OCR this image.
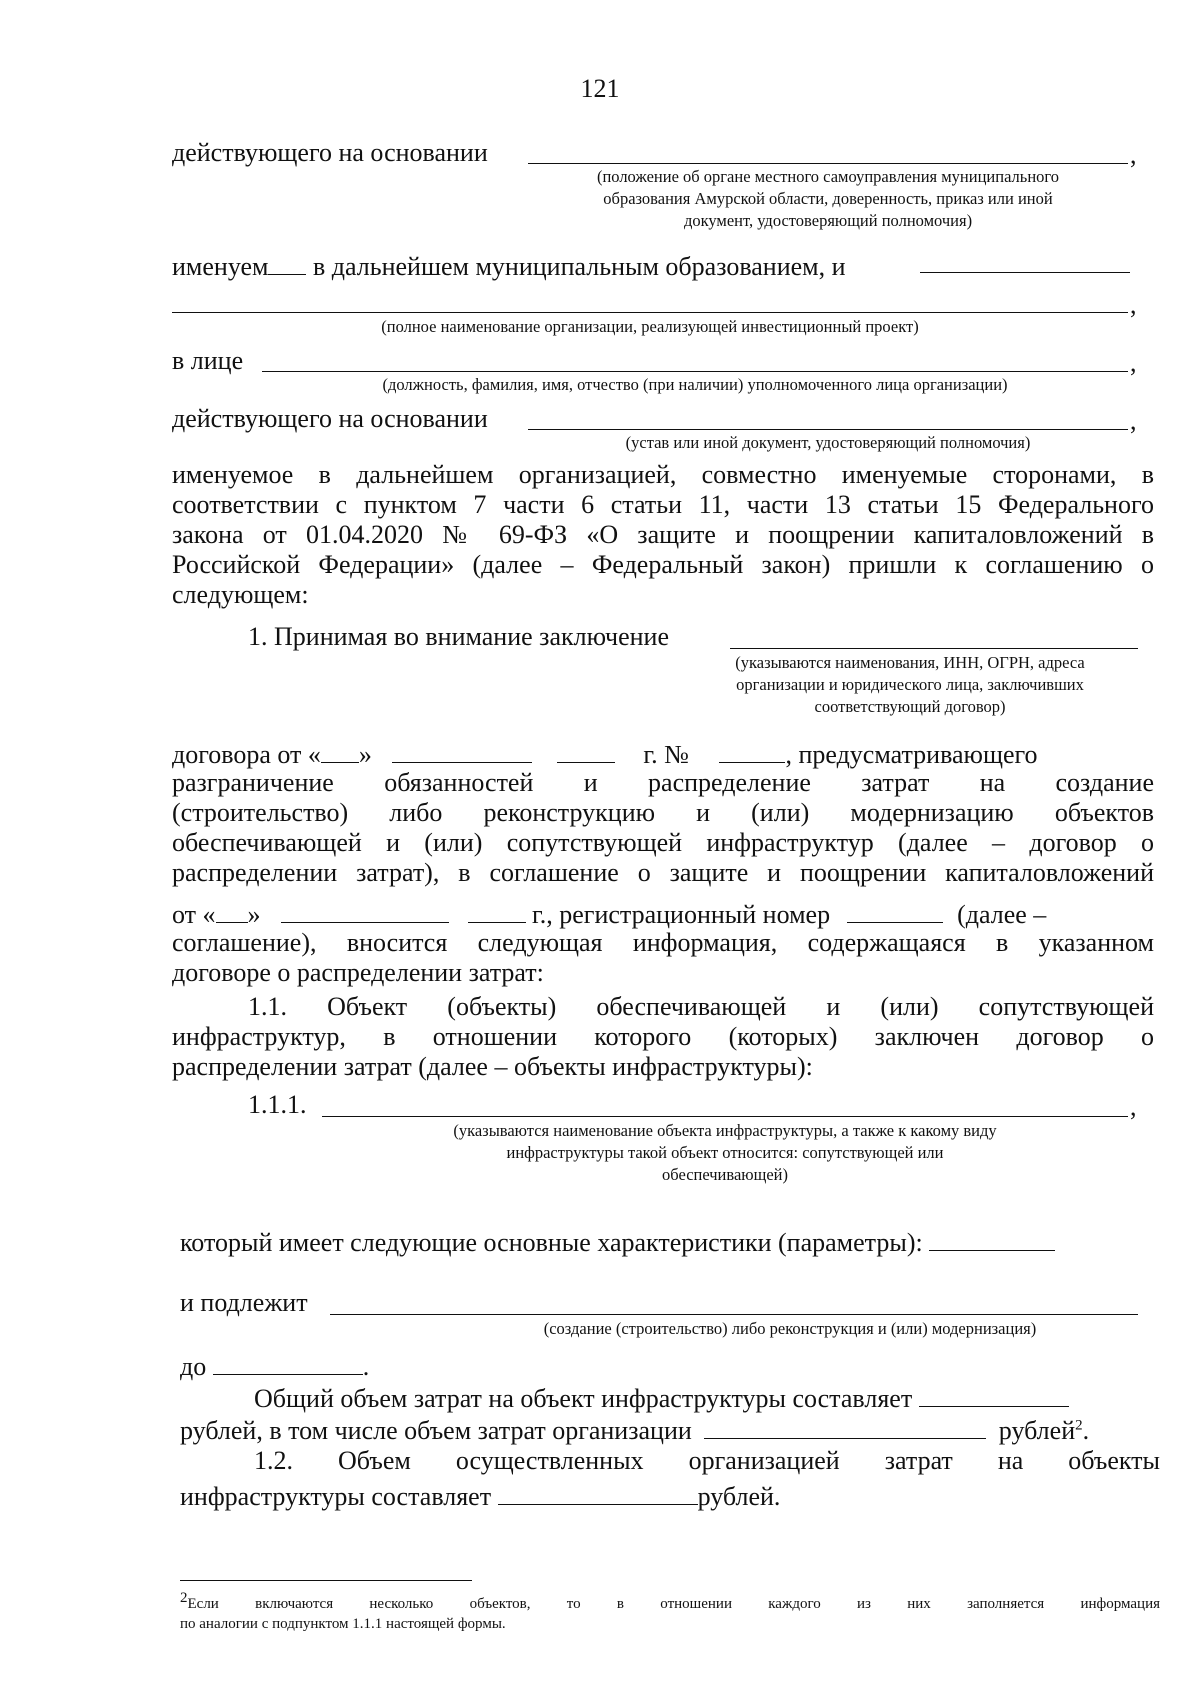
121
действующего на основании	,
(положение об органе местного самоуправления муниципального
образования Амурской области, доверенность, приказ или иной
документ, удостоверяющий полномочия)
именуем в дальнейшем муниципальным образованием, и
,
(полное наименование организации, реализующей инвестиционный проект)
в лице	,
(должность, фамилия, имя, отчество (при наличии) уполномоченного лица организации)
действующего на основании	,
(устав или иной документ, удостоверяющий полномочия)
именуемое в дальнейшем организацией, совместно именуемые сторонами, в
соответствии с пунктом 7 части 6 статьи 11, части 13 статьи 15 Федерального
закона от 01.04.2020 № 69-ФЗ «О защите и поощрении капиталовложений в
Российской Федерации» (далее – Федеральный закон) пришли к соглашению о
следующем:
1. Принимая во внимание заключение
(указываются наименования, ИНН, ОГРН, адреса
организации и юридического лица, заключивших
соответствующий договор)
договора от « »	г. №	, предусматривающего
разграничение обязанностей и распределение затрат на создание
(строительство) либо реконструкцию и (или) модернизацию объектов
обеспечивающей и (или) сопутствующей инфраструктур (далее – договор о
распределении затрат), в соглашение о защите и поощрении капиталовложений
от « »	г., регистрационный номер	(далее –
соглашение), вносится следующая информация, содержащаяся в указанном
договоре о распределении затрат:
1.1. Объект (объекты) обеспечивающей и (или) сопутствующей
инфраструктур, в отношении которого (которых) заключен договор о
распределении затрат (далее – объекты инфраструктуры):
1.1.1.	,
(указываются наименование объекта инфраструктуры, а также к какому виду
инфраструктуры такой объект относится: сопутствующей или
обеспечивающей)
который имеет следующие основные характеристики (параметры):
и подлежит
(создание (строительство) либо реконструкция и (или) модернизация)
до	.
Общий объем затрат на объект инфраструктуры составляет
рублей, в том числе объем затрат организации	рублей$^2$.
1.2. Объем осуществленных организацией затрат на объекты
инфраструктуры составляет	рублей.
$^2$Если включаются несколько объектов, то в отношении каждого из них заполняется информация
по аналогии с подпунктом 1.1.1 настоящей формы.
